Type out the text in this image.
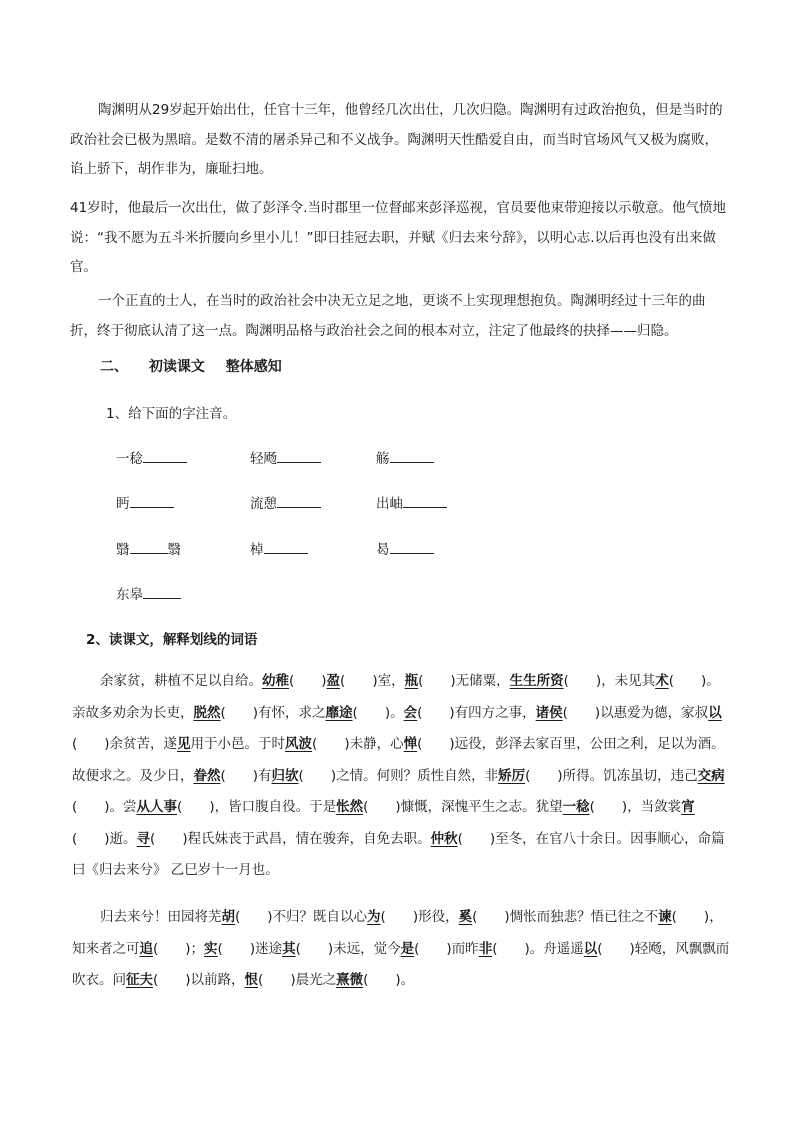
陶渊明从29岁起开始出仕，任官十三年，他曾经几次出仕，几次归隐。陶渊明有过政治抱负，但是当时的政治社会已极为黑暗。是数不清的屠杀异己和不义战争。陶渊明天性酷爱自由，而当时官场风气又极为腐败，谄上骄下，胡作非为，廉耻扫地。

41岁时，他最后一次出仕，做了彭泽令.当时郡里一位督邮来彭泽巡视，官员要他束带迎接以示敬意。他气愤地说：“我不愿为五斗米折腰向乡里小儿！”即日挂冠去职，并赋《归去来兮辞》，以明心志.以后再也没有出来做官。

一个正直的士人，在当时的政治社会中决无立足之地，更谈不上实现理想抱负。陶渊明经过十三年的曲折，终于彻底认清了这一点。陶渊明品格与政治社会之间的根本对立，注定了他最终的抉择——归隐。

二、 初读课文 整体感知
1、给下面的字注音。
一稔	轻飏	觞
眄	流憩	出岫
翳	翳	棹	曷
东皋
2、读课文，解释划线的词语

余家贫，耕植不足以自给。幼稚(　　)盈(　　)室，瓶(　　)无储粟，生生所资(　　)，未见其术(　　)。亲故多劝余为长吏，脱然(　　)有怀，求之靡途(　　)。会(　　)有四方之事，诸侯(　　)以惠爱为德，家叔以(　　)余贫苦，遂见用于小邑。于时风波(　　)未静，心惮(　　)远役，彭泽去家百里，公田之利，足以为酒。故便求之。及少日，眷然(　　)有归欤(　　)之情。何则？质性自然，非矫厉(　　)所得。饥冻虽切，违己交病(　　)。尝从人事(　　)，皆口腹自役。于是怅然(　　)慷慨，深愧平生之志。犹望一稔(　　)，当敛裳宵(　　)逝。寻(　　)程氏妹丧于武昌，情在骏奔，自免去职。仲秋(　　)至冬，在官八十余日。因事顺心，命篇曰《归去来兮》 乙巳岁十一月也。

归去来兮！田园将芜胡(　　)不归？既自以心为(　　)形役，奚(　　)惆怅而独悲？悟已往之不谏(　　)，知来者之可追(　　)；实(　　)迷途其(　　)未远，觉今是(　　)而昨非(　　)。舟遥遥以(　　)轻飏，风飘飘而吹衣。问征夫(　　)以前路，恨(　　)晨光之熹微(　　)。
